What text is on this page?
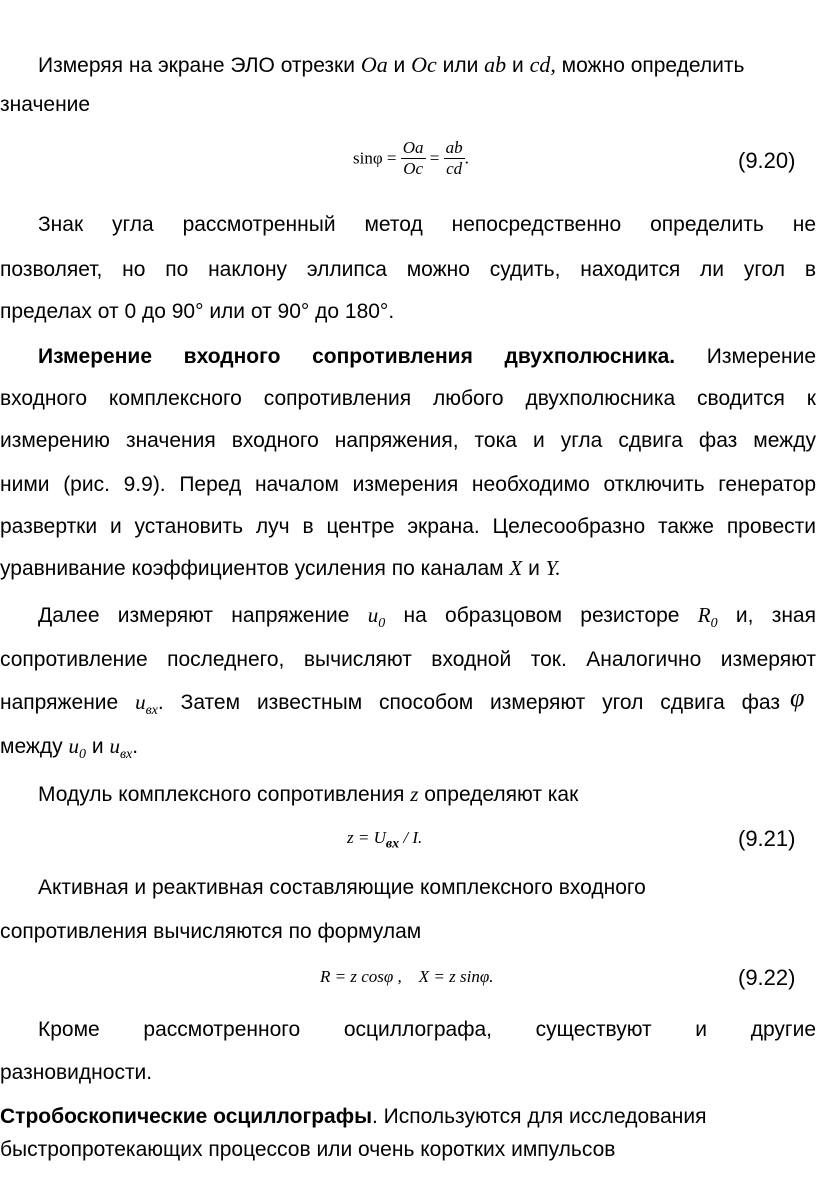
Измеряя на экране ЭЛО отрезки Oa и Oc или ab и cd, можно определить
значение
$\sin\varphi = \frac{Oa}{Oc} = \frac{ab}{cd}$ .	(9.20)
Знак угла рассмотренный метод непосредственно определить не
позволяет, но по наклону эллипса можно судить, находится ли угол в
пределах от 0 до 90° или от 90° до 180°.
Измерение входного сопротивления двухполюсника. Измерение
входного комплексного сопротивления любого двухполюсника сводится к
измерению значения входного напряжения, тока и угла сдвига фаз между
ними (рис. 9.9). Перед началом измерения необходимо отключить генератор
развертки и установить луч в центре экрана. Целесообразно также провести
уравнивание коэффициентов усиления по каналам X и Y.
Далее измеряют напряжение $u_0$ на образцовом резисторе $R_0$ и, зная
сопротивление последнего, вычисляют входной ток. Аналогично измеряют
напряжение $u_{вх}$. Затем известным способом измеряют угол сдвига фаз φ
между $u_0$ и $u_{вх}$.
Модуль комплексного сопротивления z определяют как
$z = U_{вх} / I$.	(9.21)
Активная и реактивная составляющие комплексного входного
сопротивления вычисляются по формулам
R = z cosφ ,    X = z sinφ.	(9.22)
Кроме рассмотренного осциллографа, существуют и другие
разновидности.
Стробоскопические осциллографы. Используются для исследования
быстропротекающих процессов или очень коротких импульсов
